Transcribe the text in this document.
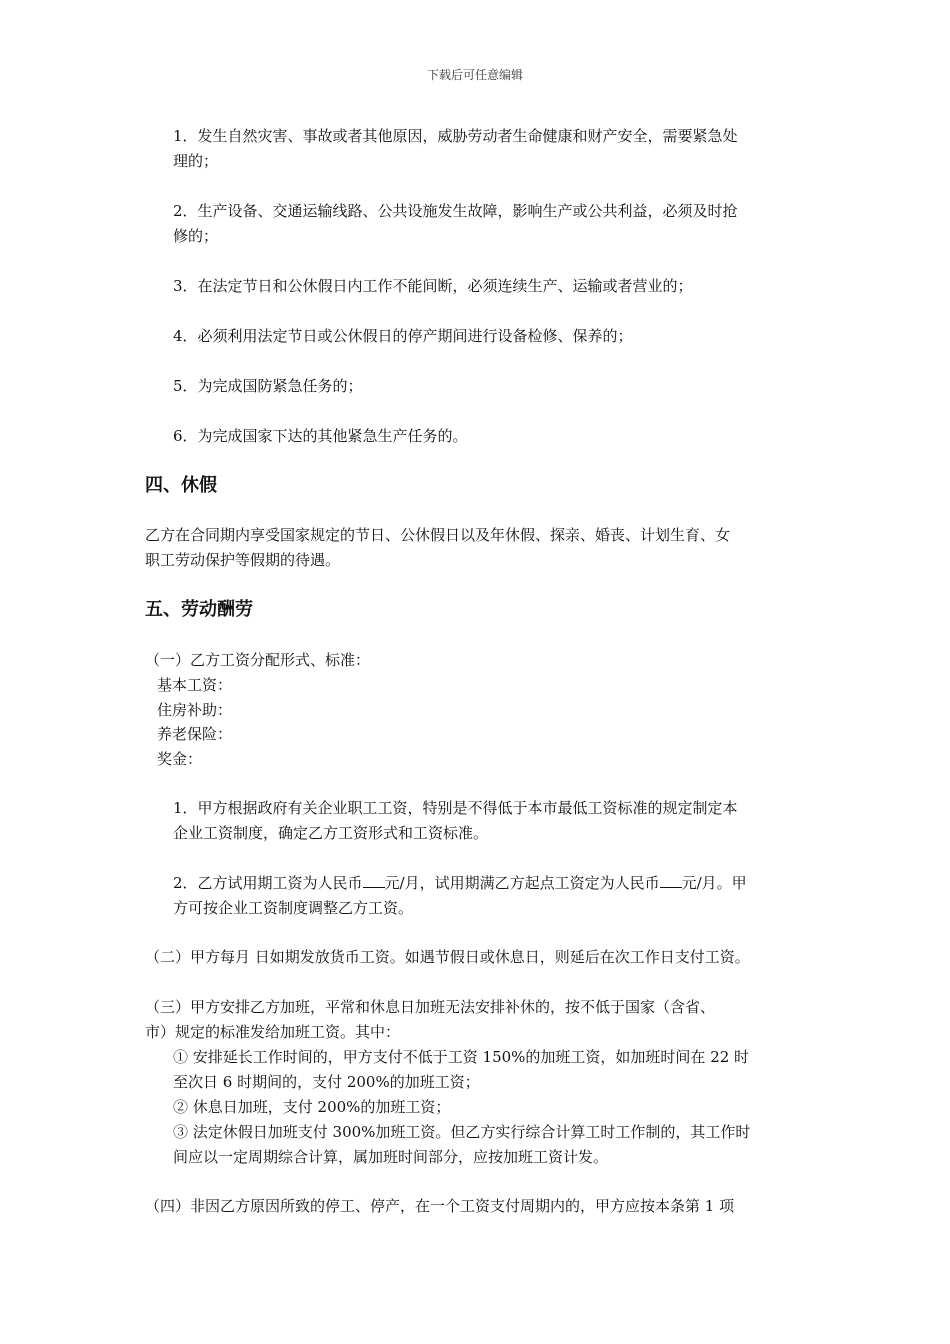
下载后可任意编辑
1．发生自然灾害、事故或者其他原因，威胁劳动者生命健康和财产安全，需要紧急处
理的；
2．生产设备、交通运输线路、公共设施发生故障，影响生产或公共利益，必须及时抢
修的；
3．在法定节日和公休假日内工作不能间断，必须连续生产、运输或者营业的；
4．必须利用法定节日或公休假日的停产期间进行设备检修、保养的；
5．为完成国防紧急任务的；
6．为完成国家下达的其他紧急生产任务的。
四、休假
乙方在合同期内享受国家规定的节日、公休假日以及年休假、探亲、婚丧、计划生育、女
职工劳动保护等假期的待遇。
五、劳动酬劳
（一）乙方工资分配形式、标准：
基本工资：
住房补助：
养老保险：
奖金：
1．甲方根据政府有关企业职工工资，特别是不得低于本市最低工资标准的规定制定本
企业工资制度，确定乙方工资形式和工资标准。
2．乙方试用期工资为人民币 元/月，试用期满乙方起点工资定为人民币 元/月。甲
方可按企业工资制度调整乙方工资。
（二）甲方每月 日如期发放货币工资。如遇节假日或休息日，则延后在次工作日支付工资。
（三）甲方安排乙方加班，平常和休息日加班无法安排补休的，按不低于国家（含省、
市）规定的标准发给加班工资。其中：
① 安排延长工作时间的，甲方支付不低于工资 150%的加班工资，如加班时间在 22 时
至次日 6 时期间的，支付 200%的加班工资；
② 休息日加班，支付 200%的加班工资；
③ 法定休假日加班支付 300%加班工资。但乙方实行综合计算工时工作制的，其工作时
间应以一定周期综合计算，属加班时间部分，应按加班工资计发。
（四）非因乙方原因所致的停工、停产，在一个工资支付周期内的，甲方应按本条第 1 项
